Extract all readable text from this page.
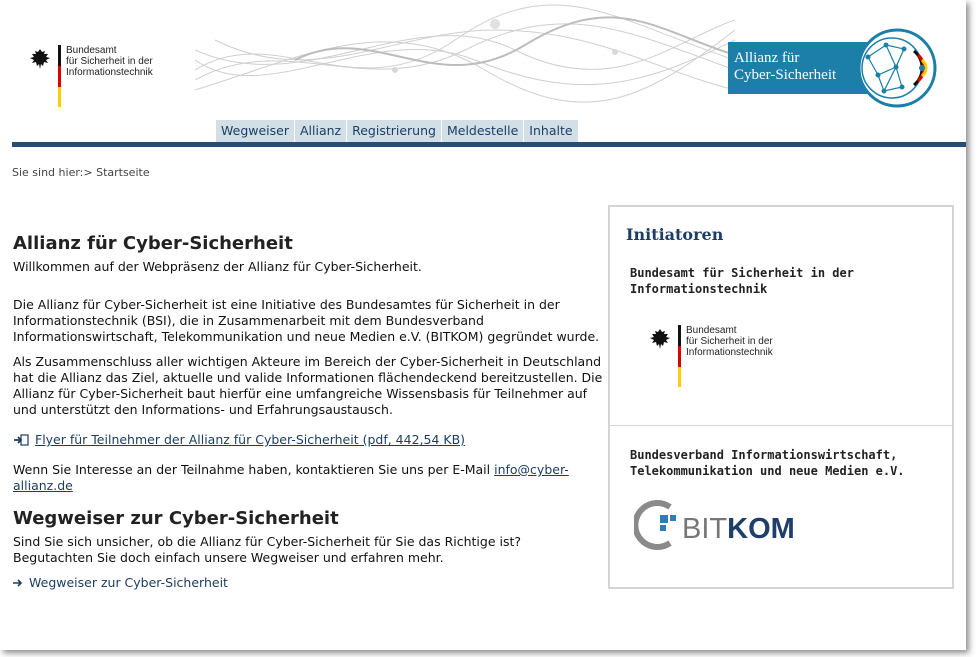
Bundesamt
für Sicherheit in der
Informationstechnik
Allianz für
Cyber-Sicherheit
Wegweiser Allianz Registrierung Meldestelle Inhalte
Sie sind hier:> Startseite
Allianz für Cyber-Sicherheit

Willkommen auf der Webpräsenz der Allianz für Cyber-Sicherheit.

Die Allianz für Cyber-Sicherheit ist eine Initiative des Bundesamtes für Sicherheit in der Informationstechnik (BSI), die in Zusammenarbeit mit dem Bundesverband Informationswirtschaft, Telekommunikation und neue Medien e.V. (BITKOM) gegründet wurde.

Als Zusammenschluss aller wichtigen Akteure im Bereich der Cyber-Sicherheit in Deutschland hat die Allianz das Ziel, aktuelle und valide Informationen flächendeckend bereitzustellen. Die Allianz für Cyber-Sicherheit baut hierfür eine umfangreiche Wissensbasis für Teilnehmer auf und unterstützt den Informations- und Erfahrungsaustausch.

Flyer für Teilnehmer der Allianz für Cyber-Sicherheit (pdf, 442,54 KB)

Wenn Sie Interesse an der Teilnahme haben, kontaktieren Sie uns per E-Mail info@cyber-allianz.de

Wegweiser zur Cyber-Sicherheit

Sind Sie sich unsicher, ob die Allianz für Cyber-Sicherheit für Sie das Richtige ist? Begutachten Sie doch einfach unsere Wegweiser und erfahren mehr.

Wegweiser zur Cyber-Sicherheit
Initiatoren
Bundesamt für Sicherheit in der Informationstechnik
Bundesamt
für Sicherheit in der
Informationstechnik
Bundesverband Informationswirtschaft, Telekommunikation und neue Medien e.V.
BITKOM
